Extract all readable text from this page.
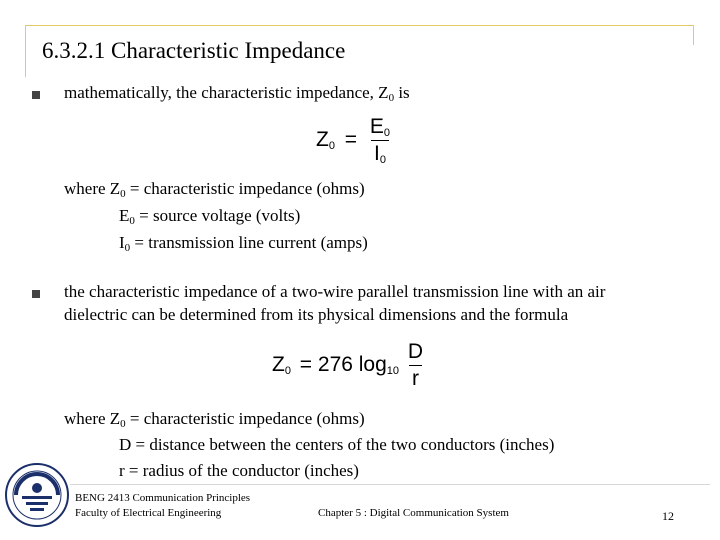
6.3.2.1 Characteristic Impedance
mathematically, the characteristic impedance, $Z_0$ is
$Z0 = \frac{E0}{I0}$
where $Z_0$ = characteristic impedance (ohms)
$E_0$ = source voltage (volts)
$I_0$ = transmission line current (amps)
the characteristic impedance of a two-wire parallel transmission line with an air
dielectric can be determined from its physical dimensions and the formula
Z0 = 276 $\log 10 \frac{D}{r}$
where $Z_0$ = characteristic impedance (ohms)
D = distance between the centers of the two conductors (inches)
r = radius of the conductor (inches)
BENG 2413 Communication Principles
Faculty of Electrical Engineering	Chapter 5 : Digital Communication System	12
